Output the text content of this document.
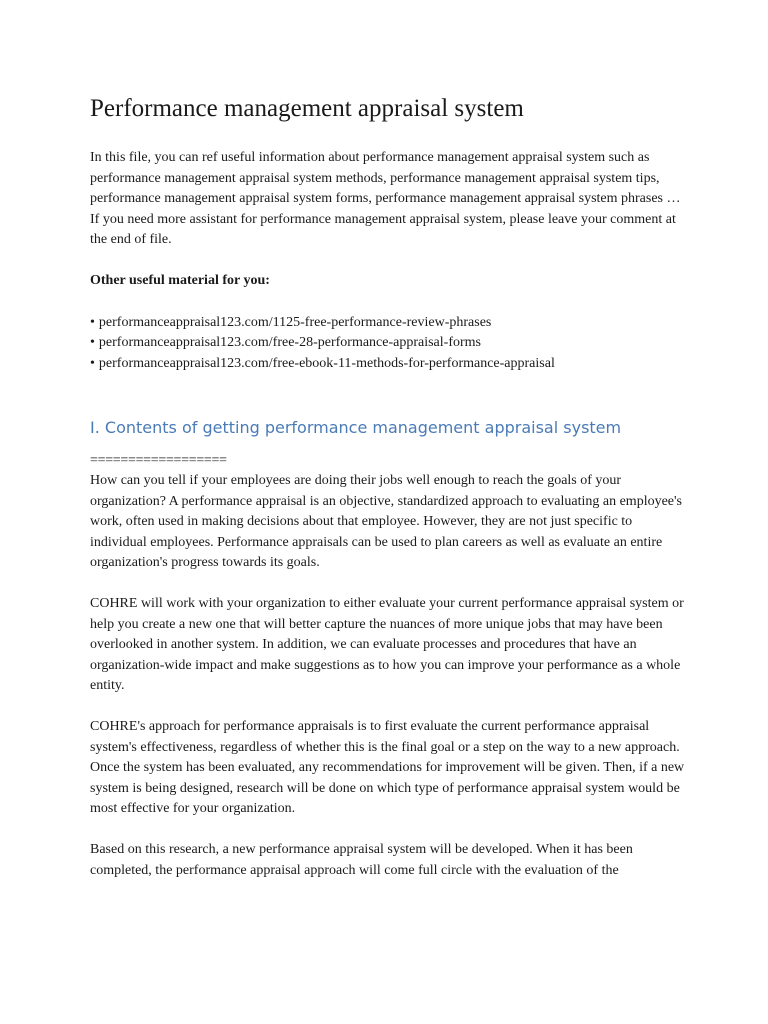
Performance management appraisal system

In this file, you can ref useful information about performance management appraisal system such as performance management appraisal system methods, performance management appraisal system tips, performance management appraisal system forms, performance management appraisal system phrases … If you need more assistant for performance management appraisal system, please leave your comment at the end of file.

Other useful material for you:

• performanceappraisal123.com/1125-free-performance-review-phrases
• performanceappraisal123.com/free-28-performance-appraisal-forms
• performanceappraisal123.com/free-ebook-11-methods-for-performance-appraisal
I. Contents of getting performance management appraisal system

==================

How can you tell if your employees are doing their jobs well enough to reach the goals of your organization? A performance appraisal is an objective, standardized approach to evaluating an employee's work, often used in making decisions about that employee. However, they are not just specific to individual employees. Performance appraisals can be used to plan careers as well as evaluate an entire organization's progress towards its goals.

COHRE will work with your organization to either evaluate your current performance appraisal system or help you create a new one that will better capture the nuances of more unique jobs that may have been overlooked in another system. In addition, we can evaluate processes and procedures that have an organization-wide impact and make suggestions as to how you can improve your performance as a whole entity.

COHRE's approach for performance appraisals is to first evaluate the current performance appraisal system's effectiveness, regardless of whether this is the final goal or a step on the way to a new approach. Once the system has been evaluated, any recommendations for improvement will be given. Then, if a new system is being designed, research will be done on which type of performance appraisal system would be most effective for your organization.

Based on this research, a new performance appraisal system will be developed. When it has been completed, the performance appraisal approach will come full circle with the evaluation of the
